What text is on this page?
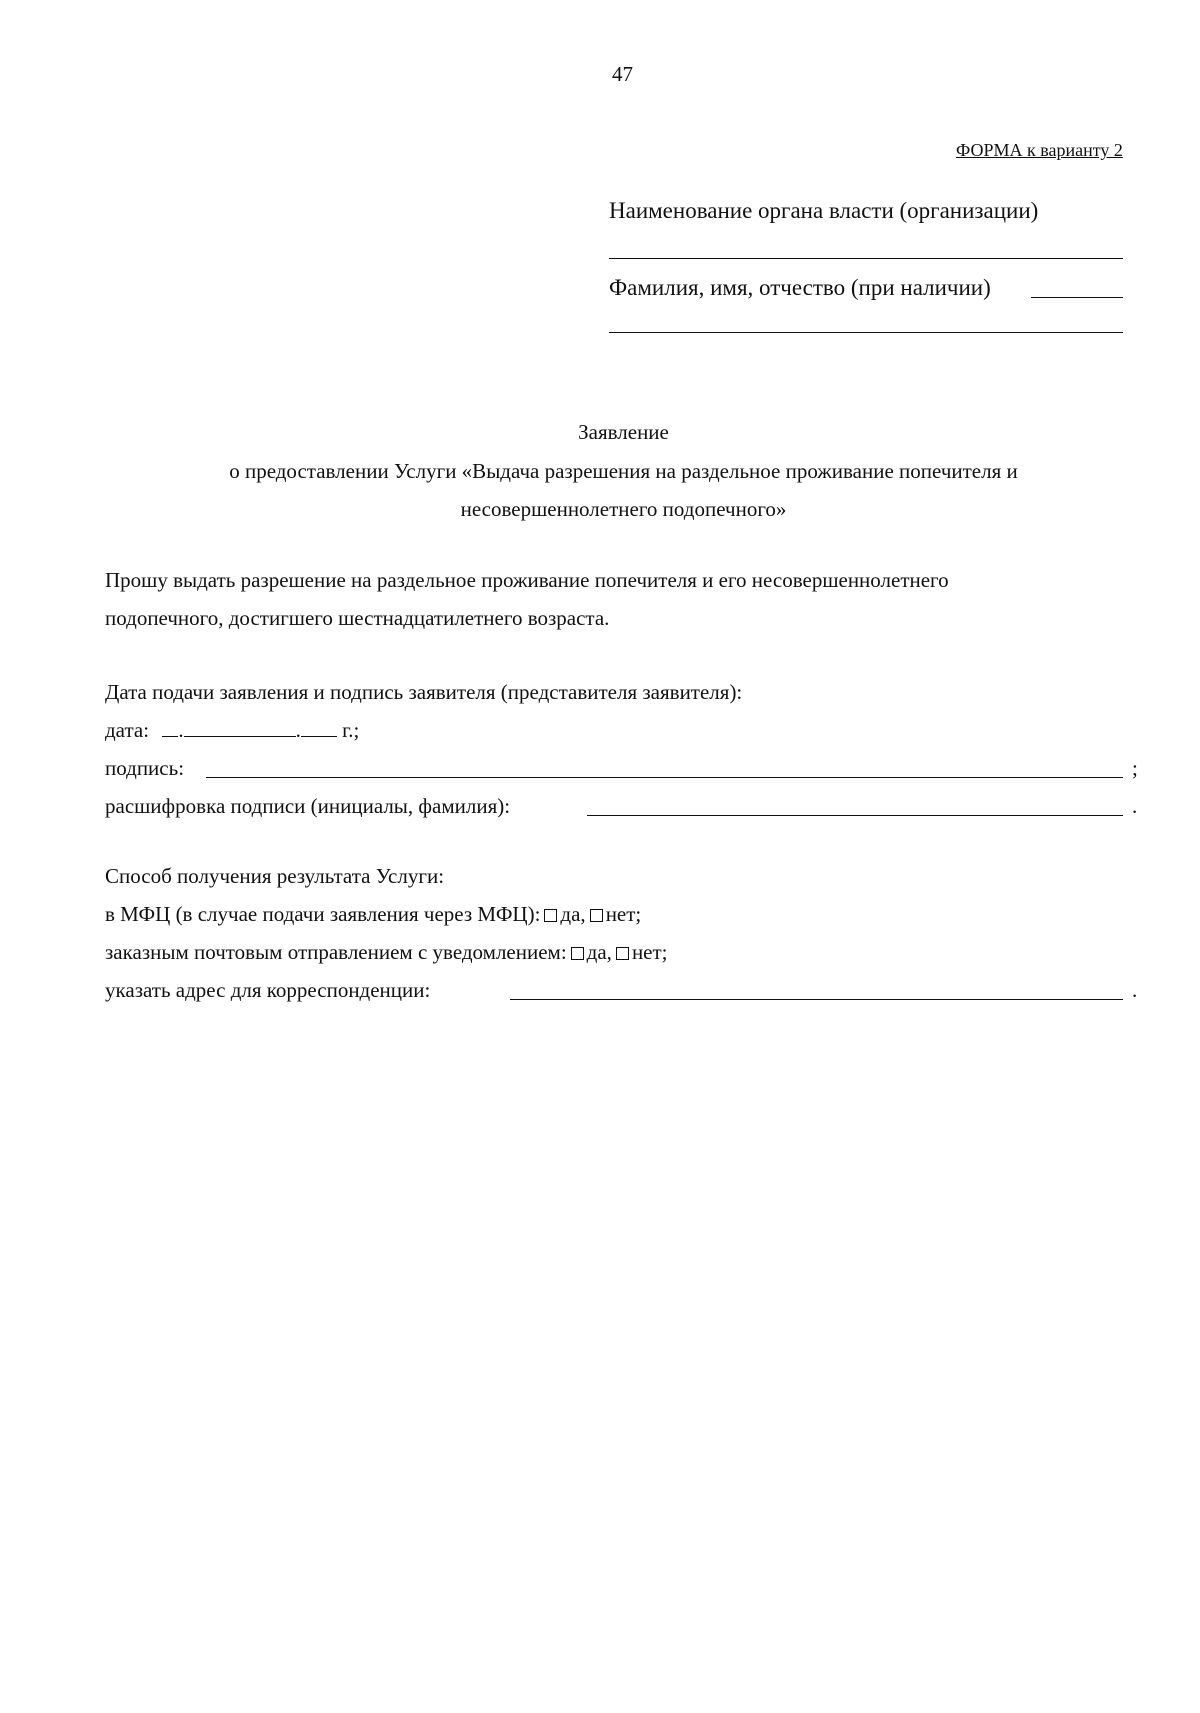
47
ФОРМА к варианту 2
Наименование органа власти (организации)
Фамилия, имя, отчество (при наличии)
Заявление
о предоставлении Услуги «Выдача разрешения на раздельное проживание попечителя и
несовершеннолетнего подопечного»
Прошу выдать разрешение на раздельное проживание попечителя и его несовершеннолетнего
подопечного, достигшего шестнадцатилетнего возраста.
Дата подачи заявления и подпись заявителя (представителя заявителя):
дата: .	. г.;
подпись:	;
расшифровка подписи (инициалы, фамилия):	.
Способ получения результата Услуги:
в МФЦ (в случае подачи заявления через МФЦ): да, нет;
заказным почтовым отправлением с уведомлением: да, нет;
указать адрес для корреспонденции:	.
